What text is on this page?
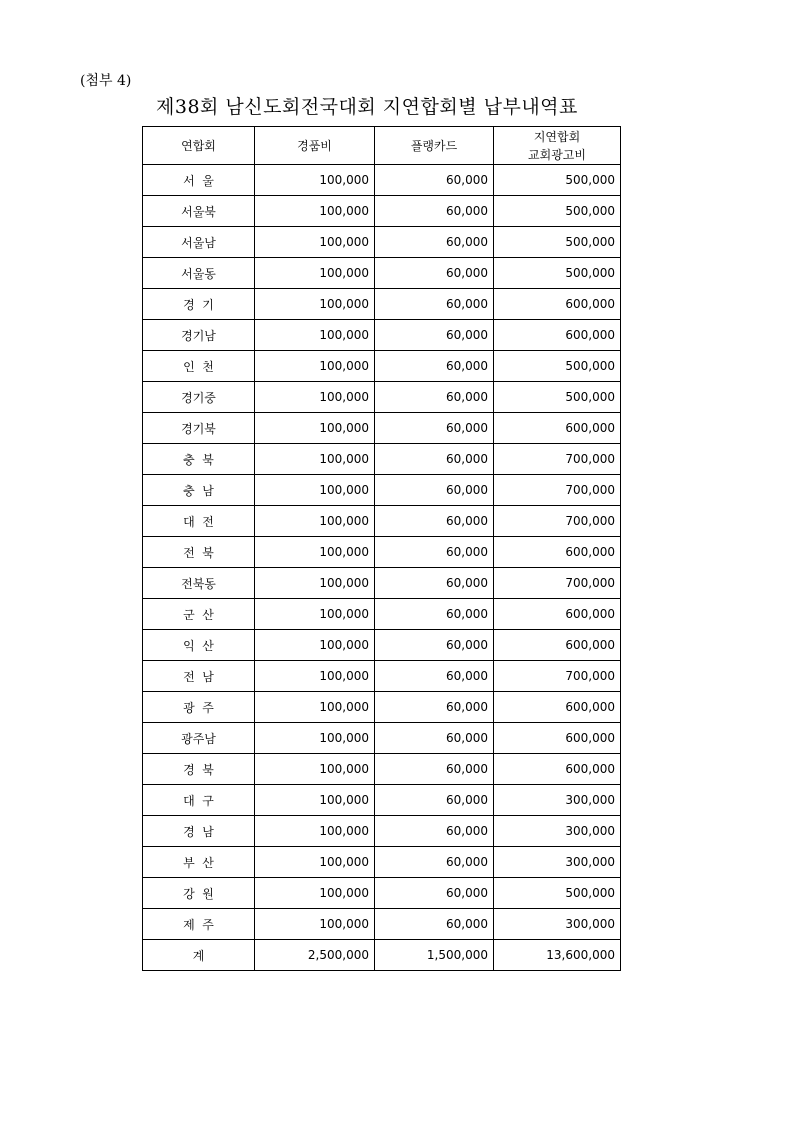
(첨부 4)
제38회 남신도회전국대회 지연합회별 납부내역표
연합회	경품비	플랭카드	지연합회
교회광고비

서  울	100,000	60,000	500,000
서울북	100,000	60,000	500,000
서울남	100,000	60,000	500,000
서울동	100,000	60,000	500,000
경  기	100,000	60,000	600,000
경기남	100,000	60,000	600,000
인  천	100,000	60,000	500,000
경기중	100,000	60,000	500,000
경기북	100,000	60,000	600,000
충  북	100,000	60,000	700,000
충  남	100,000	60,000	700,000
대  전	100,000	60,000	700,000
전  북	100,000	60,000	600,000
전북동	100,000	60,000	700,000
군  산	100,000	60,000	600,000
익  산	100,000	60,000	600,000
전  남	100,000	60,000	700,000
광  주	100,000	60,000	600,000
광주남	100,000	60,000	600,000
경  북	100,000	60,000	600,000
대  구	100,000	60,000	300,000
경  남	100,000	60,000	300,000
부  산	100,000	60,000	300,000
강  원	100,000	60,000	500,000
제  주	100,000	60,000	300,000
계	2,500,000	1,500,000	13,600,000
